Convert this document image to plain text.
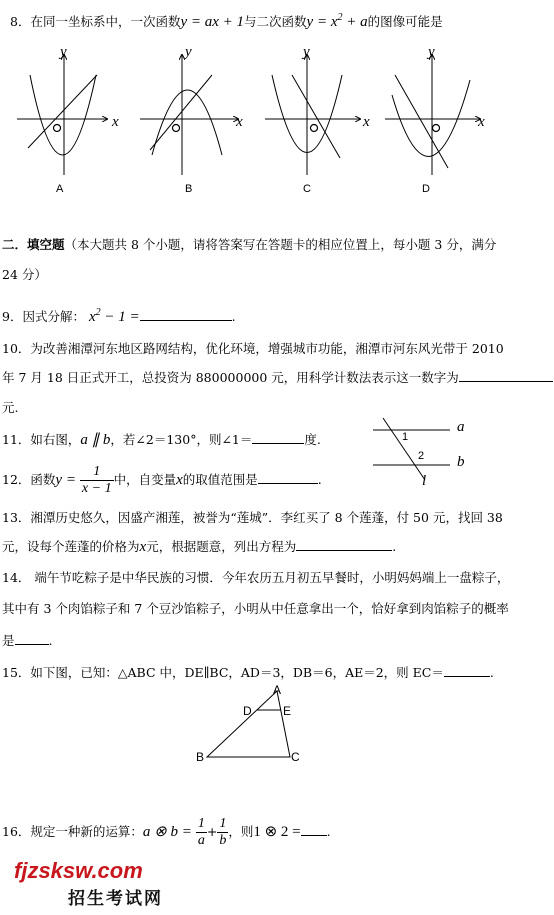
8．在同一坐标系中，一次函数y = ax + 1与二次函数$y = x^2 + a$的图像可能是
y
x
y
x
y
x
y
x
A	B	C	D
二．填空题（本大题共 8 个小题，请将答案写在答题卡的相应位置上，每小题 3 分，满分
24 分）
9．因式分解： $x^2 - 1$ =	.
10．为改善湘潭河东地区路网结构，优化环境，增强城市功能，湘潭市河东风光带于 2010
年 7 月 18 日正式开工，总投资为 880000000 元，用科学计数法表示这一数字为
元.
11．如右图，a ∥ b，若∠2＝130°，则∠1＝	度.
a
b
l
1
2
12．函数$y = \frac{1}{x - 1}$ 中，自变量x的取值范围是	.
13．湘潭历史悠久，因盛产湘莲，被誉为“莲城”．李红买了 8 个莲蓬，付 50 元，找回 38
元，设每个莲蓬的价格为x元，根据题意，列出方程为	.
14． 端午节吃粽子是中华民族的习惯．今年农历五月初五早餐时，小明妈妈端上一盘粽子，
其中有 3 个肉馅粽子和 7 个豆沙馅粽子，小明从中任意拿出一个，恰好拿到肉馅粽子的概率
是	.
15．如下图，已知：△ABC 中，DE∥BC，AD＝3，DB＝6，AE＝2，则 EC＝	.
A
D	E
B	C
16．规定一种新的运算：a ⊗ $b = \frac{1}{a} + \frac{1}{b}$ ，则1 ⊗ 2 = .
fjzsksw.com
招生考试网
